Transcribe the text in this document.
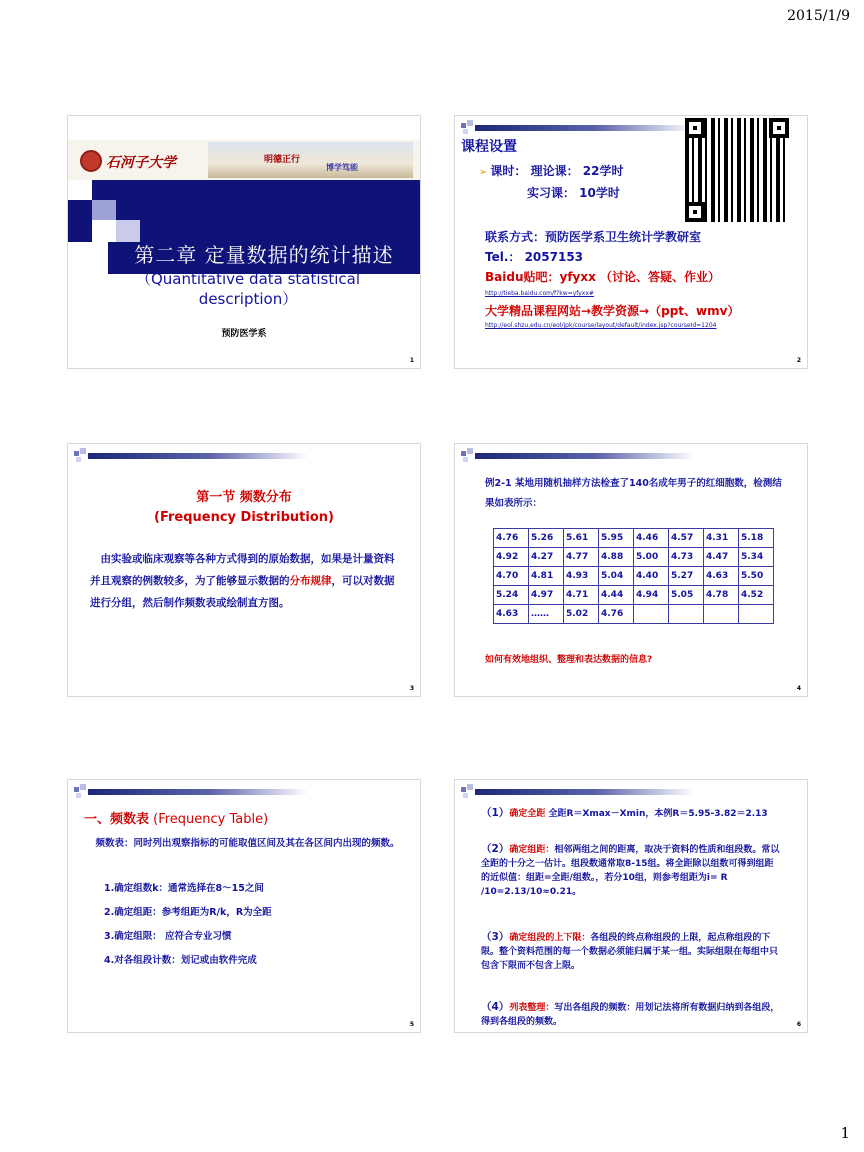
2015/1/9
石河子大学	明德正行
博学笃能
第二章 定量数据的统计描述
（Quantitative data statistical
description）
预防医学系
1
课程设置
➢ 课时： 理论课： 22学时
实习课： 10学时
联系方式：预防医学系卫生统计学教研室
Tel.： 2057153
Baidu贴吧：yfyxx （讨论、答疑、作业）
http://tieba.baidu.com/f?kw=yfyxx#
大学精品课程网站→教学资源→（ppt、wmv）
http://eol.shzu.edu.cn/eol/jpk/course/layout/default/index.jsp?courseId=1204
2
第一节 频数分布
(Frequency Distribution)
 由实验或临床观察等各种方式得到的原始数据，如果是计量资料并且观察的例数较多，为了能够显示数据的分布规律，可以对数据进行分组，然后制作频数表或绘制直方图。
3
例2-1 某地用随机抽样方法检查了140名成年男子的红细胞数，检测结果如表所示：
4.76	5.26	5.61	5.95	4.46	4.57	4.31	5.18
4.92	4.27	4.77	4.88	5.00	4.73	4.47	5.34
4.70	4.81	4.93	5.04	4.40	5.27	4.63	5.50
5.24	4.97	4.71	4.44	4.94	5.05	4.78	4.52
4.63	……	5.02	4.76				
如何有效地组织、整理和表达数据的信息?
4
一、频数表 (Frequency Table)
 频数表：同时列出观察指标的可能取值区间及其在各区间内出现的频数。
1.确定组数k：通常选择在8～15之间
2.确定组距：参考组距为R/k，R为全距
3.确定组限： 应符合专业习惯
4.对各组段计数：划记或由软件完成
5
（1）确定全距 全距R＝Xmax－Xmin，本例R＝5.95-3.82＝2.13
（2）确定组距：相邻两组之间的距离，取决于资料的性质和组段数。常以全距的十分之一估计。组段数通常取8-15组。将全距除以组数可得到组距的近似值：组距=全距/组数。，若分10组，则参考组距为i= R /10=2.13/10≈0.21。
（3）确定组段的上下限：各组段的终点称组段的上限，起点称组段的下限。整个资料范围的每一个数据必须能归属于某一组。实际组限在每组中只包含下限而不包含上限。
（4）列表整理：写出各组段的频数：用划记法将所有数据归纳到各组段，得到各组段的频数。	6
1
